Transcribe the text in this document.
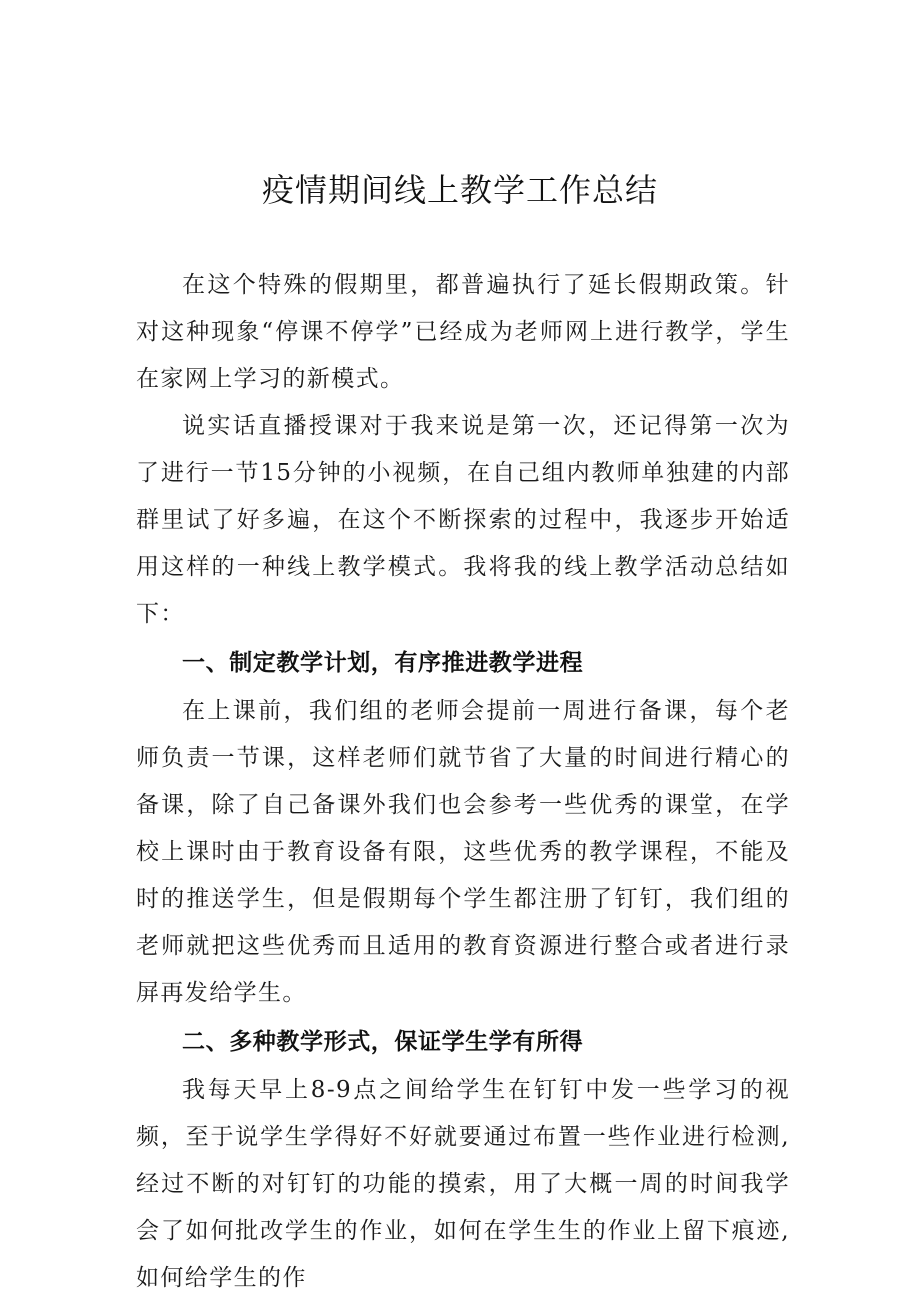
疫情期间线上教学工作总结

在这个特殊的假期里，都普遍执行了延长假期政策。针对这种现象“停课不停学”已经成为老师网上进行教学，学生在家网上学习的新模式。

说实话直播授课对于我来说是第一次，还记得第一次为了进行一节15分钟的小视频，在自己组内教师单独建的内部群里试了好多遍，在这个不断探索的过程中，我逐步开始适用这样的一种线上教学模式。我将我的线上教学活动总结如下：

一、制定教学计划，有序推进教学进程

在上课前，我们组的老师会提前一周进行备课，每个老师负责一节课，这样老师们就节省了大量的时间进行精心的备课，除了自己备课外我们也会参考一些优秀的课堂，在学校上课时由于教育设备有限，这些优秀的教学课程，不能及时的推送学生，但是假期每个学生都注册了钉钉，我们组的老师就把这些优秀而且适用的教育资源进行整合或者进行录屏再发给学生。

二、多种教学形式，保证学生学有所得

我每天早上8-9点之间给学生在钉钉中发一些学习的视频，至于说学生学得好不好就要通过布置一些作业进行检测,经过不断的对钉钉的功能的摸索，用了大概一周的时间我学会了如何批改学生的作业，如何在学生生的作业上留下痕迹,如何给学生的作
